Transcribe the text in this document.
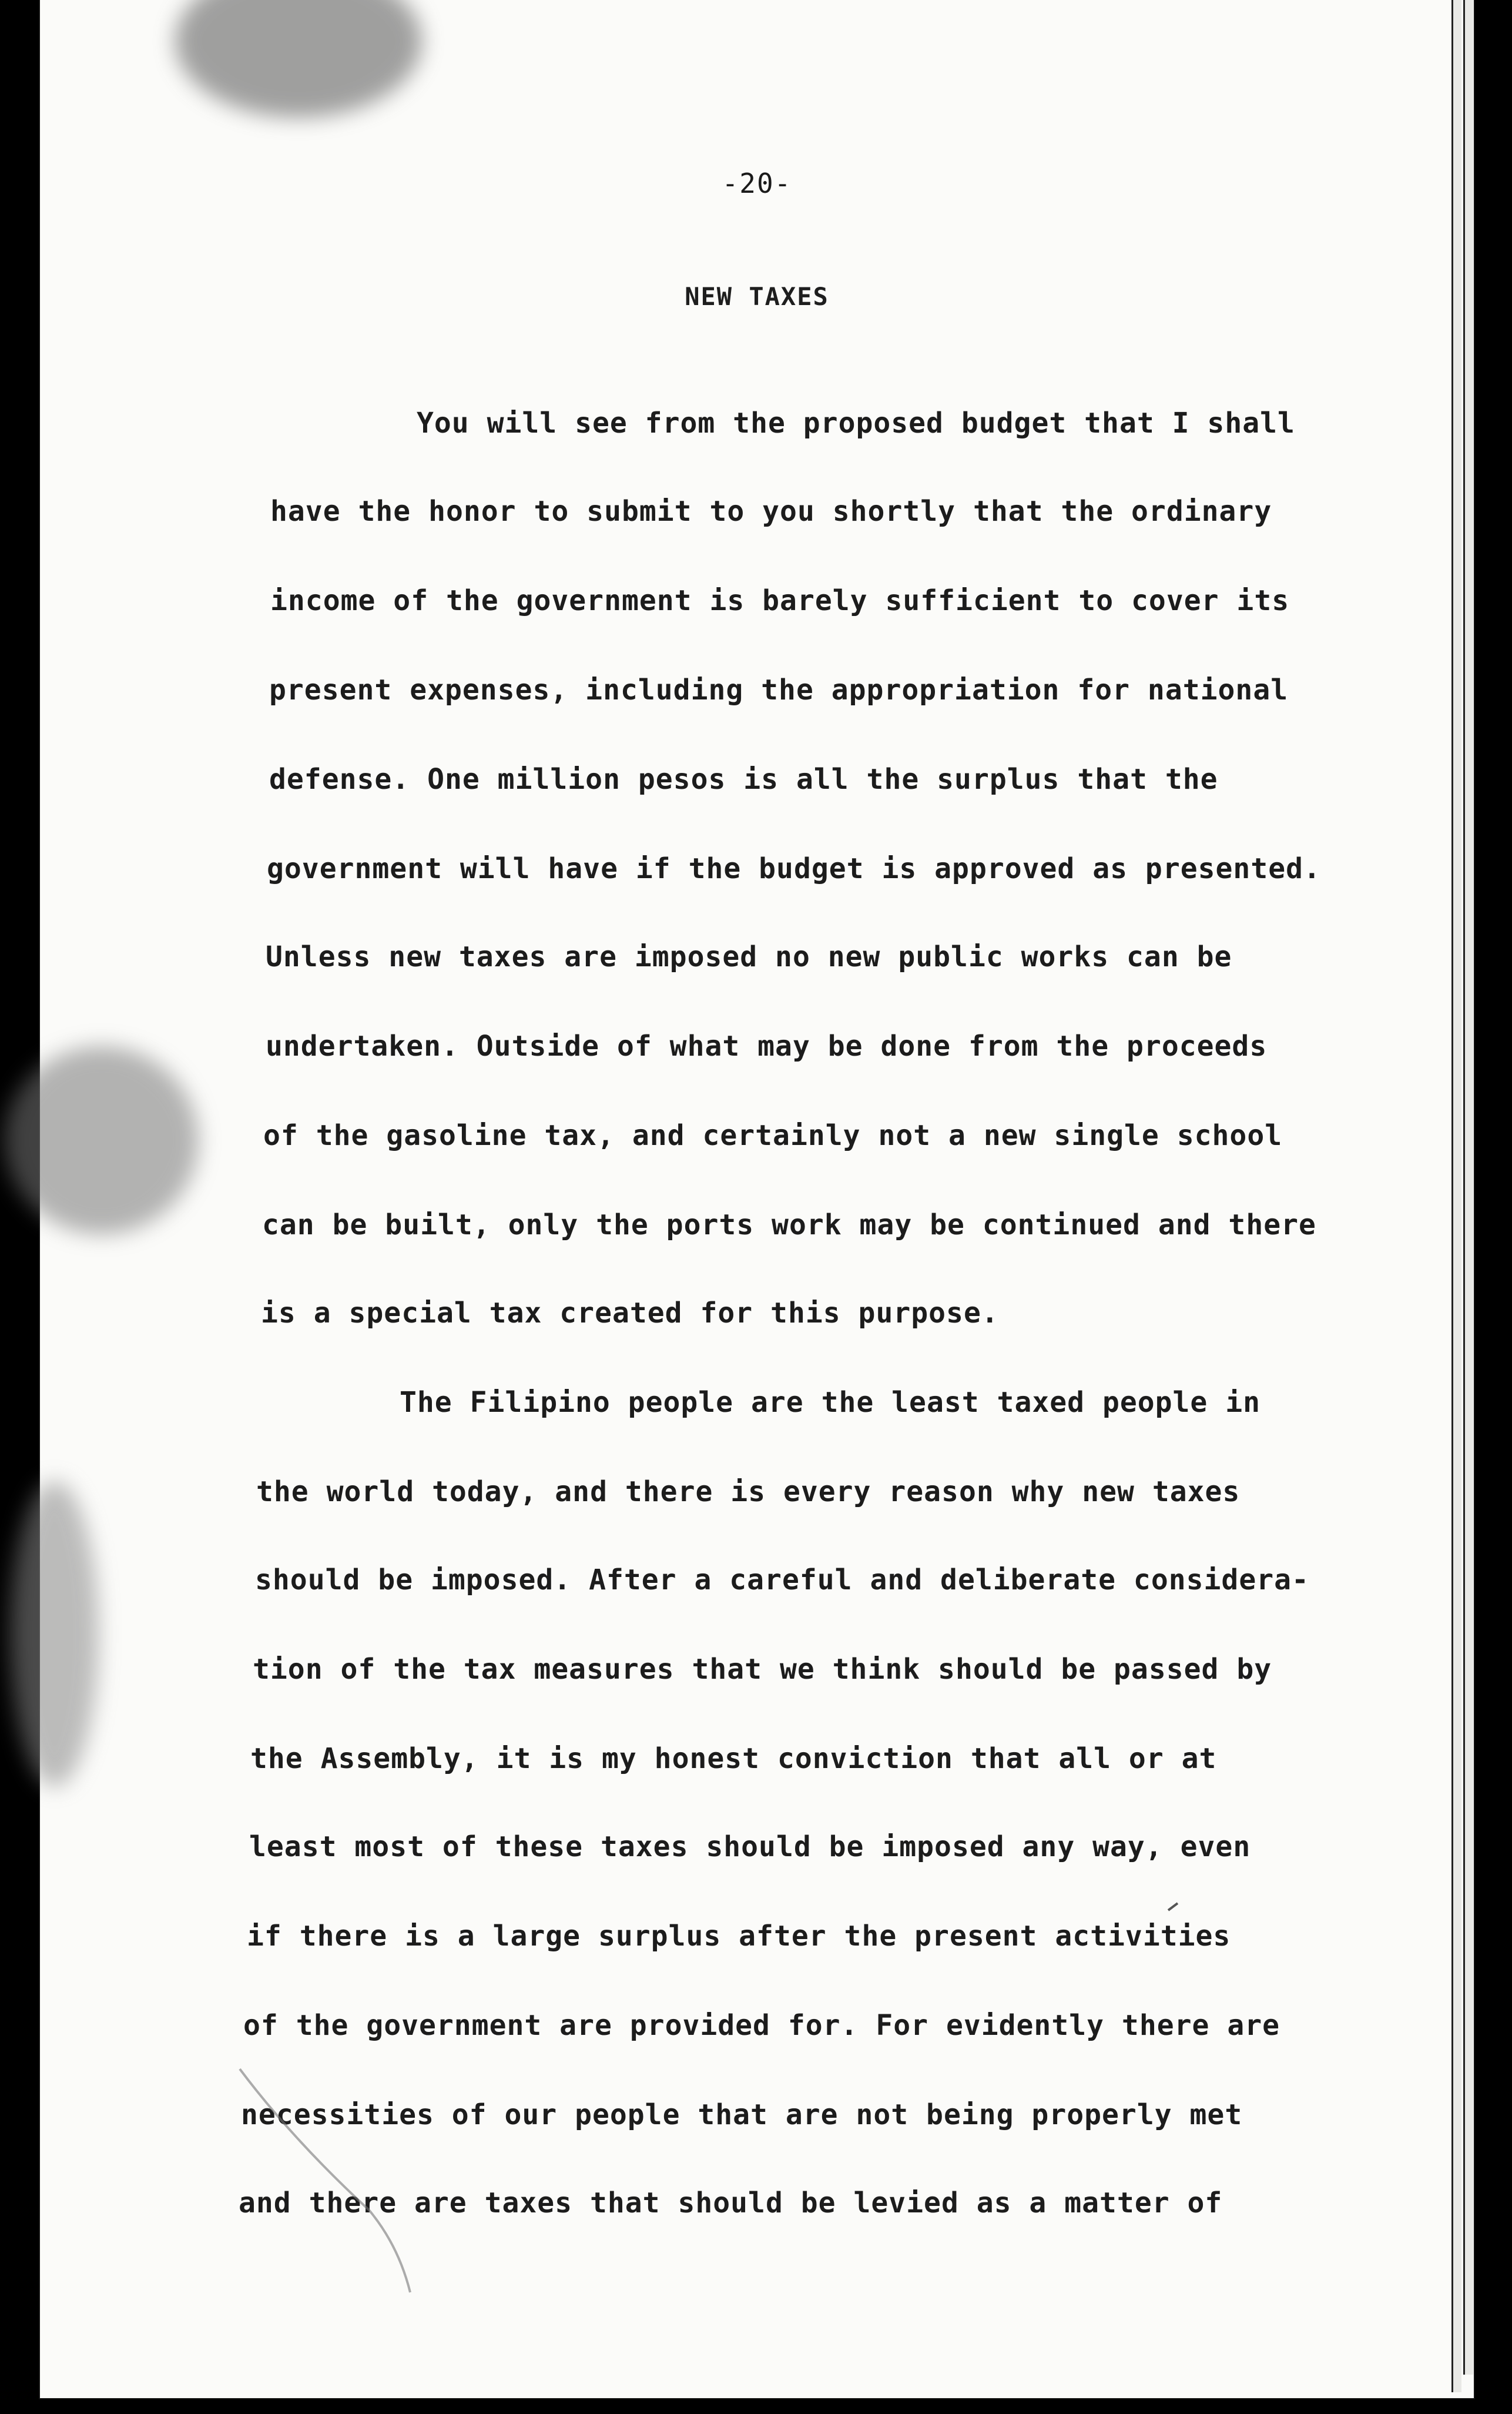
-20-
NEW TAXES
You will see from the proposed budget that I shall
have the honor to submit to you shortly that the ordinary
income of the government is barely sufficient to cover its
present expenses, including the appropriation for national
defense. One million pesos is all the surplus that the
government will have if the budget is approved as presented.
Unless new taxes are imposed no new public works can be
undertaken. Outside of what may be done from the proceeds
of the gasoline tax, and certainly not a new single school
can be built, only the ports work may be continued and there
is a special tax created for this purpose.
The Filipino people are the least taxed people in
the world today, and there is every reason why new taxes
should be imposed. After a careful and deliberate considera-
tion of the tax measures that we think should be passed by
the Assembly, it is my honest conviction that all or at
least most of these taxes should be imposed any way, even
if there is a large surplus after the present activities
of the government are provided for. For evidently there are
necessities of our people that are not being properly met
and there are taxes that should be levied as a matter of
